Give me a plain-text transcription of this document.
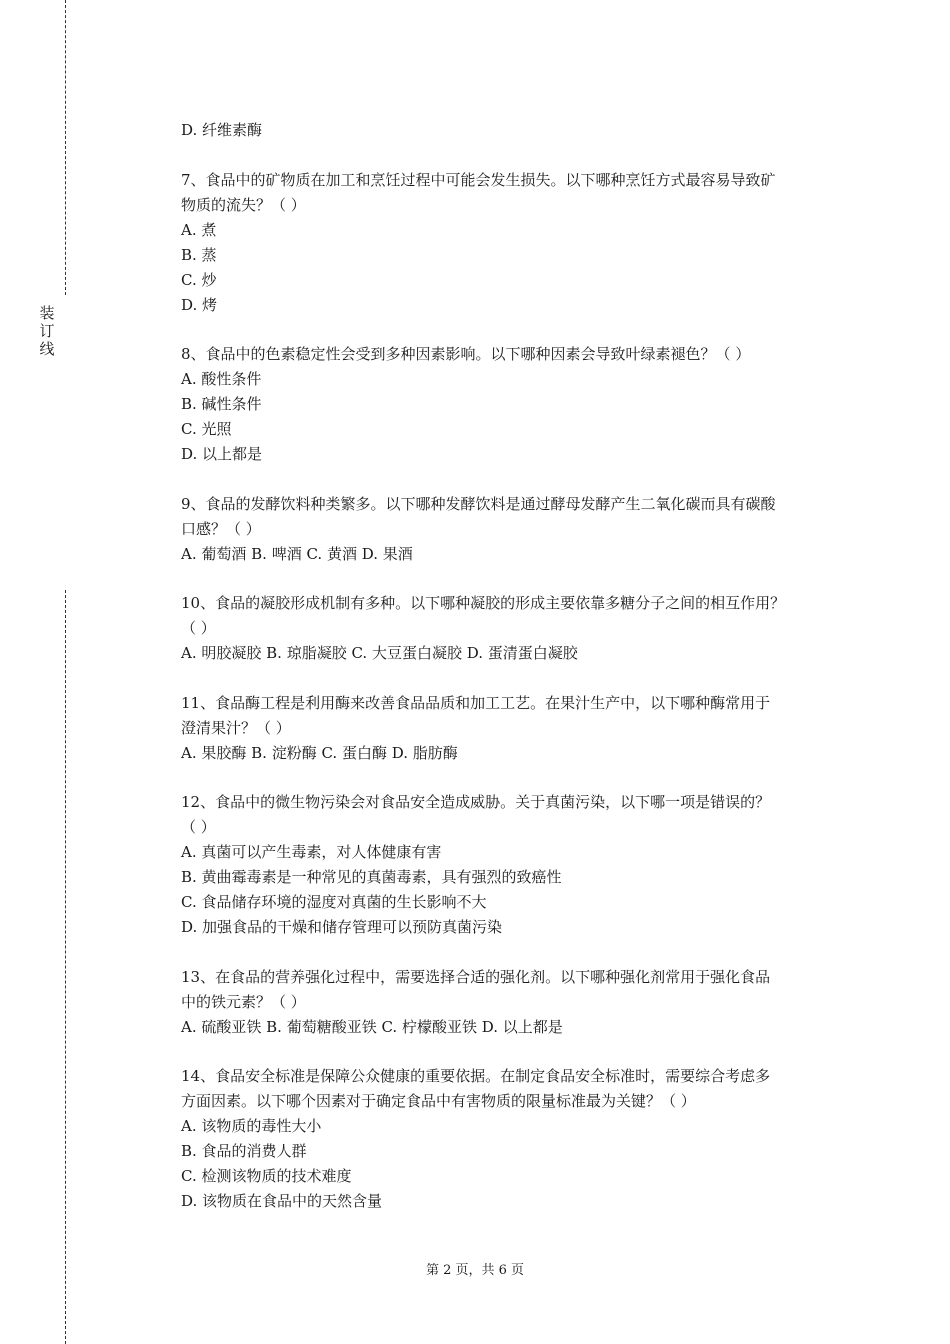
装订线
D. 纤维素酶
7、食品中的矿物质在加工和烹饪过程中可能会发生损失。以下哪种烹饪方式最容易导致矿
物质的流失？（ ）
A. 煮
B. 蒸
C. 炒
D. 烤
8、食品中的色素稳定性会受到多种因素影响。以下哪种因素会导致叶绿素褪色？（ ）
A. 酸性条件
B. 碱性条件
C. 光照
D. 以上都是
9、食品的发酵饮料种类繁多。以下哪种发酵饮料是通过酵母发酵产生二氧化碳而具有碳酸
口感？（ ）
A. 葡萄酒 B. 啤酒 C. 黄酒 D. 果酒
10、食品的凝胶形成机制有多种。以下哪种凝胶的形成主要依靠多糖分子之间的相互作用？
（ ）
A. 明胶凝胶 B. 琼脂凝胶 C. 大豆蛋白凝胶 D. 蛋清蛋白凝胶
11、食品酶工程是利用酶来改善食品品质和加工工艺。在果汁生产中，以下哪种酶常用于
澄清果汁？（ ）
A. 果胶酶 B. 淀粉酶 C. 蛋白酶 D. 脂肪酶
12、食品中的微生物污染会对食品安全造成威胁。关于真菌污染，以下哪一项是错误的？
（ ）
A. 真菌可以产生毒素，对人体健康有害
B. 黄曲霉毒素是一种常见的真菌毒素，具有强烈的致癌性
C. 食品储存环境的湿度对真菌的生长影响不大
D. 加强食品的干燥和储存管理可以预防真菌污染
13、在食品的营养强化过程中，需要选择合适的强化剂。以下哪种强化剂常用于强化食品
中的铁元素？（ ）
A. 硫酸亚铁 B. 葡萄糖酸亚铁 C. 柠檬酸亚铁 D. 以上都是
14、食品安全标准是保障公众健康的重要依据。在制定食品安全标准时，需要综合考虑多
方面因素。以下哪个因素对于确定食品中有害物质的限量标准最为关键？（ ）
A. 该物质的毒性大小
B. 食品的消费人群
C. 检测该物质的技术难度
D. 该物质在食品中的天然含量
第 2 页，共 6 页
